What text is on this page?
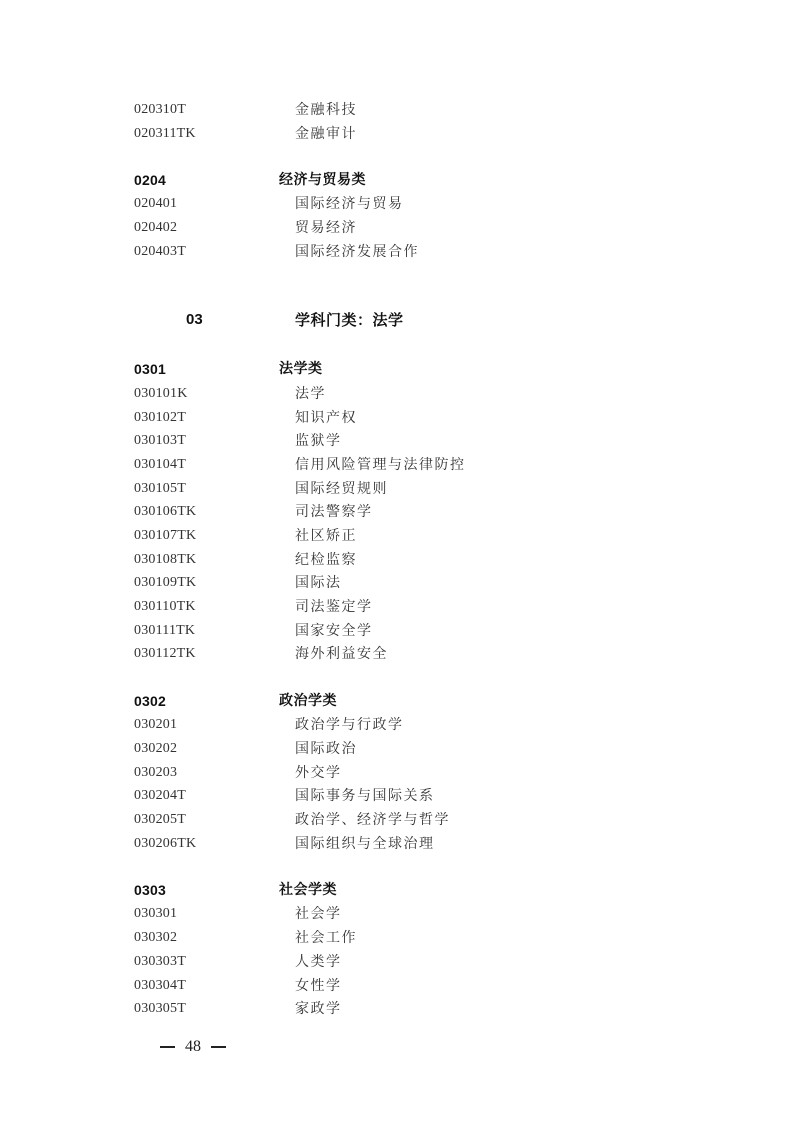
020310T	金融科技
020311TK	金融审计
0204	经济与贸易类
020401	国际经济与贸易
020402	贸易经济
020403T	国际经济发展合作
03	学科门类：法学
0301	法学类
030101K	法学
030102T	知识产权
030103T	监狱学
030104T	信用风险管理与法律防控
030105T	国际经贸规则
030106TK	司法警察学
030107TK	社区矫正
030108TK	纪检监察
030109TK	国际法
030110TK	司法鉴定学
030111TK	国家安全学
030112TK	海外利益安全
0302	政治学类
030201	政治学与行政学
030202	国际政治
030203	外交学
030204T	国际事务与国际关系
030205T	政治学、经济学与哲学
030206TK	国际组织与全球治理
0303	社会学类
030301	社会学
030302	社会工作
030303T	人类学
030304T	女性学
030305T	家政学
48
